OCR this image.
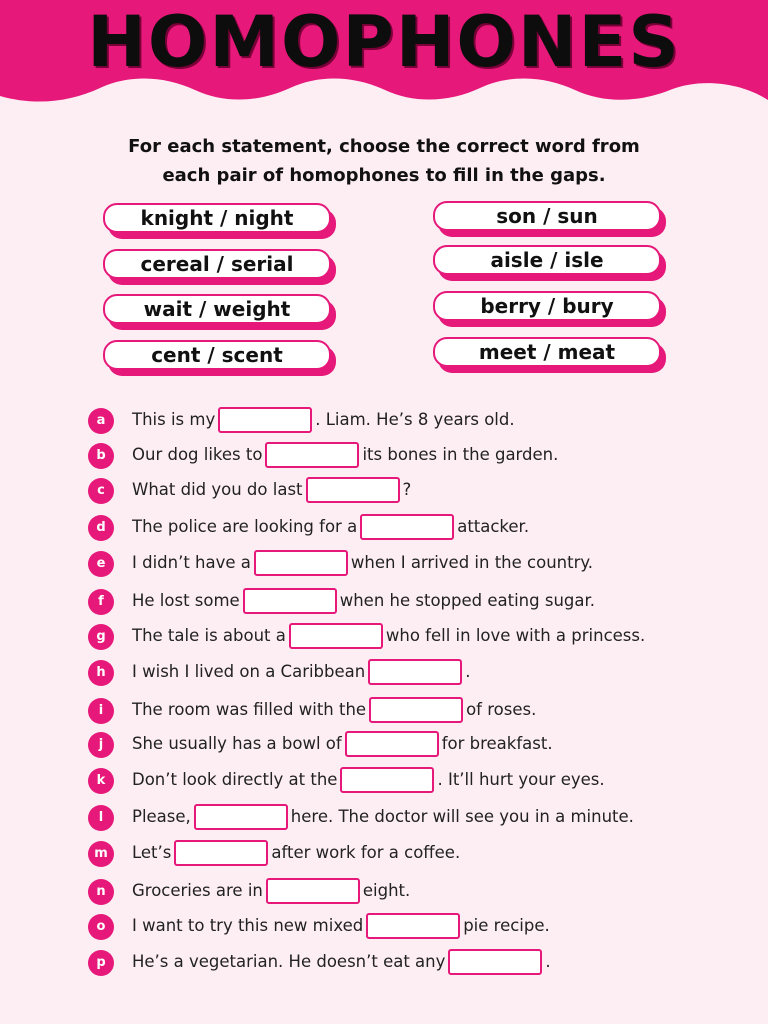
HOMOPHONES
For each statement, choose the correct word from
each pair of homophones to fill in the gaps.
knight / night
cereal / serial
wait / weight
cent / scent
son / sun
aisle / isle
berry / bury
meet / meat
a	This is my	. Liam. He’s 8 years old.
b	Our dog likes to	its bones in the garden.
c	What did you do last	?
d	The police are looking for a	attacker.
e	I didn’t have a	when I arrived in the country.
f	He lost some	when he stopped eating sugar.
g	The tale is about a	who fell in love with a princess.
h	I wish I lived on a Caribbean	.
i	The room was filled with the	of roses.
j	She usually has a bowl of	for breakfast.
k	Don’t look directly at the	. It’ll hurt your eyes.
l	Please,	here. The doctor will see you in a minute.
m	Let’s	after work for a coffee.
n	Groceries are in	eight.
o	I want to try this new mixed	pie recipe.
p	He’s a vegetarian. He doesn’t eat any	.
